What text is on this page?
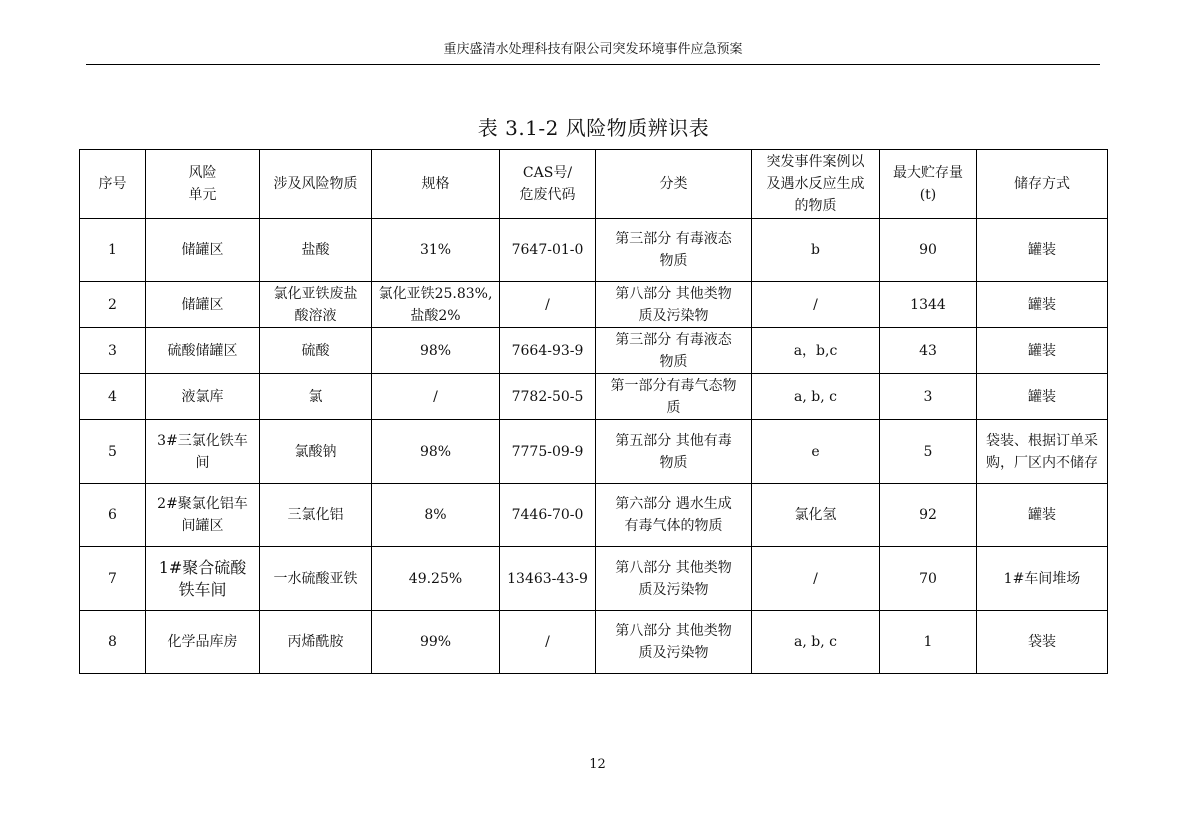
重庆盛清水处理科技有限公司突发环境事件应急预案
表 3.1-2 风险物质辨识表
序号	风险
单元	涉及风险物质	规格	CAS号/
危废代码	分类	突发事件案例以
及遇水反应生成
的物质	最大贮存量
(t)	储存方式
1	储罐区	盐酸	31%	7647-01-0	第三部分 有毒液态
物质	b	90	罐装
2	储罐区	氯化亚铁废盐
酸溶液	氯化亚铁25.83%,
盐酸2%	/	第八部分 其他类物
质及污染物	/	1344	罐装
3	硫酸储罐区	硫酸	98%	7664-93-9	第三部分 有毒液态
物质	a，b,c	43	罐装
4	液氯库	氯	/	7782-50-5	第一部分有毒气态物
质	a, b, c	3	罐装
5	3#三氯化铁车
间	氯酸钠	98%	7775-09-9	第五部分 其他有毒
物质	e	5	袋装、根据订单采
购，厂区内不储存
6	2#聚氯化铝车
间罐区	三氯化铝	8%	7446-70-0	第六部分 遇水生成
有毒气体的物质	氯化氢	92	罐装
7	1#聚合硫酸
铁车间	一水硫酸亚铁	49.25%	13463-43-9	第八部分 其他类物
质及污染物	/	70	1#车间堆场
8	化学品库房	丙烯酰胺	99%	/	第八部分 其他类物
质及污染物	a, b, c	1	袋装
12
